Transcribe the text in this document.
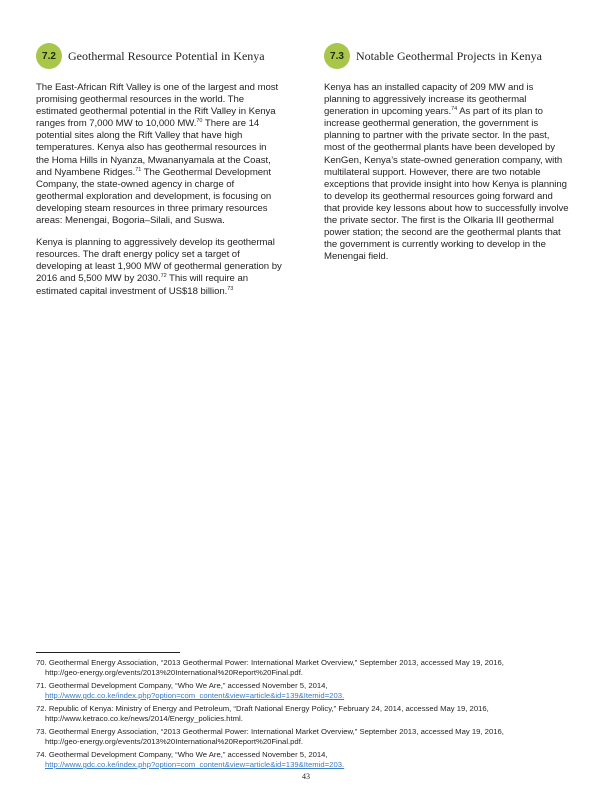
7.2	Geothermal Resource Potential in Kenya

The East-African Rift Valley is one of the largest and most promising geothermal resources in the world. The estimated geothermal potential in the Rift Valley in Kenya ranges from 7,000 MW to 10,000 MW.$^{70}$ There are 14 potential sites along the Rift Valley that have high temperatures. Kenya also has geothermal resources in the Homa Hills in Nyanza, Mwananyamala at the Coast, and Nyambene Ridges.$^{71}$ The Geothermal Development Company, the state-owned agency in charge of geothermal exploration and development, is focusing on developing steam resources in three primary resources areas: Menengai, Bogoria–Silali, and Suswa.

Kenya is planning to aggressively develop its geothermal resources. The draft energy policy set a target of developing at least 1,900 MW of geothermal generation by 2016 and 5,500 MW by 2030.72 This will require an estimated capital investment of US$18 billion.$^{73}$

7.3	Notable Geothermal Projects in Kenya

Kenya has an installed capacity of 209 MW and is planning to aggressively increase its geothermal generation in upcoming years.$^{74}$ As part of its plan to increase geothermal generation, the government is planning to partner with the private sector. In the past, most of the geothermal plants have been developed by KenGen, Kenya’s state-owned generation company, with multilateral support. However, there are two notable exceptions that provide insight into how Kenya is planning to develop its geothermal resources going forward and that provide key lessons about how to successfully involve the private sector. The first is the Olkaria III geothermal power station; the second are the geothermal plants that the government is currently working to develop in the Menengai field.

70. Geothermal Energy Association, “2013 Geothermal Power: International Market Overview,” September 2013, accessed May 19, 2016,
http://geo-energy.org/events/2013%20International%20Report%20Final.pdf.
71. Geothermal Development Company, “Who We Are,” accessed November 5, 2014,
http://www.gdc.co.ke/index.php?option=com_content&view=article&id=139&Itemid=203.
72. Republic of Kenya: Ministry of Energy and Petroleum, “Draft National Energy Policy,” February 24, 2014, accessed May 19, 2016,
http://www.ketraco.co.ke/news/2014/Energy_policies.html.
73. Geothermal Energy Association, “2013 Geothermal Power: International Market Overview,” September 2013, accessed May 19, 2016,
http://geo-energy.org/events/2013%20International%20Report%20Final.pdf.
74. Geothermal Development Company, “Who We Are,” accessed November 5, 2014,
http://www.gdc.co.ke/index.php?option=com_content&view=article&id=139&Itemid=203.
43
